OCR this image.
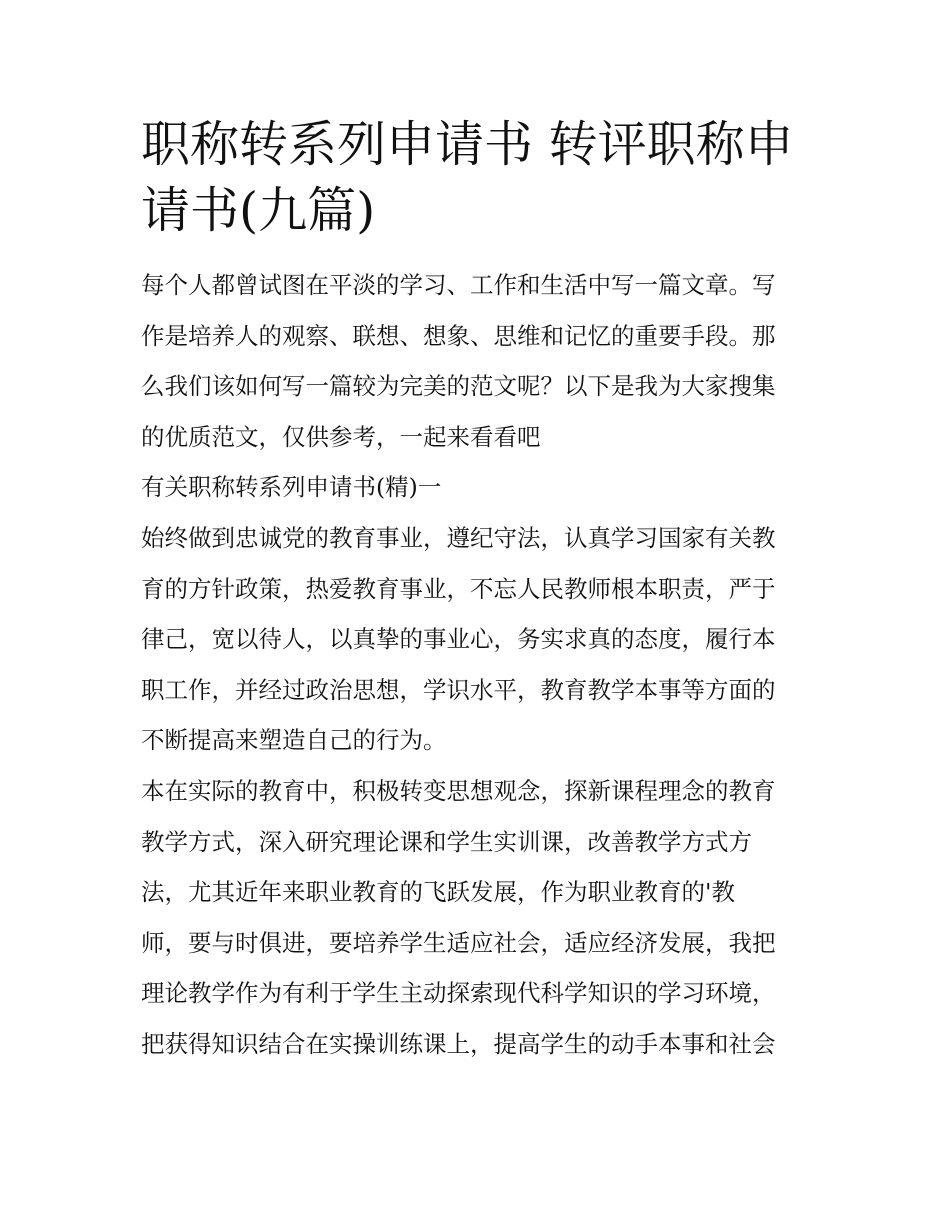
职称转系列申请书 转评职称申
请书(九篇)
每个人都曾试图在平淡的学习、工作和生活中写一篇文章。写
作是培养人的观察、联想、想象、思维和记忆的重要手段。那
么我们该如何写一篇较为完美的范文呢？以下是我为大家搜集
的优质范文，仅供参考，一起来看看吧
有关职称转系列申请书(精)一
始终做到忠诚党的教育事业，遵纪守法，认真学习国家有关教
育的方针政策，热爱教育事业，不忘人民教师根本职责，严于
律己，宽以待人，以真挚的事业心，务实求真的态度，履行本
职工作，并经过政治思想，学识水平，教育教学本事等方面的
不断提高来塑造自己的行为。
本在实际的教育中，积极转变思想观念，探新课程理念的教育
教学方式，深入研究理论课和学生实训课，改善教学方式方
法，尤其近年来职业教育的飞跃发展，作为职业教育的'教
师，要与时俱进，要培养学生适应社会，适应经济发展，我把
理论教学作为有利于学生主动探索现代科学知识的学习环境，
把获得知识结合在实操训练课上，提高学生的动手本事和社会
